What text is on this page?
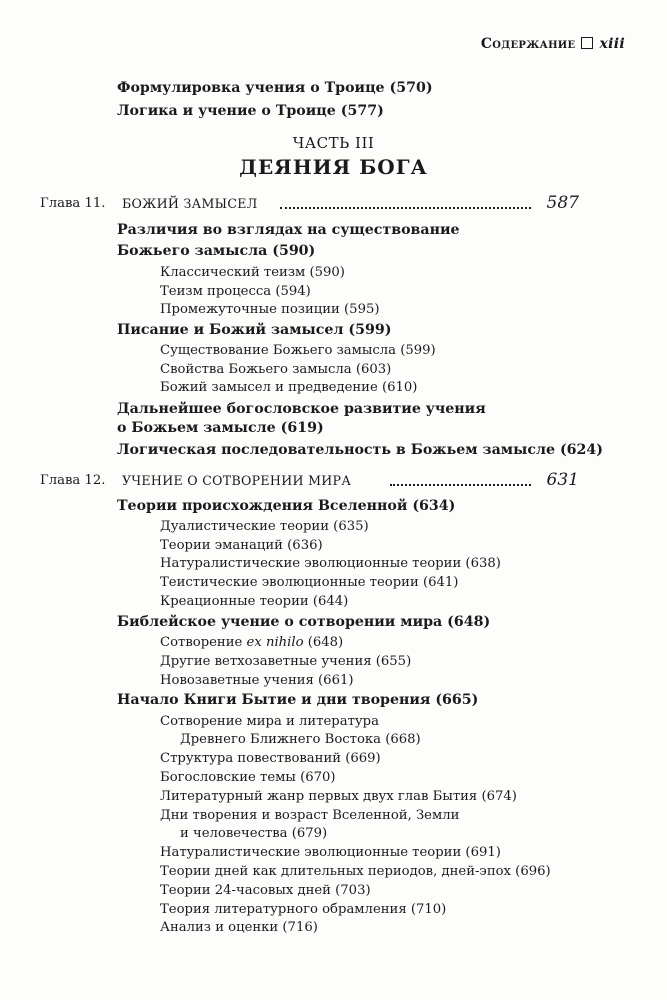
Содержание xiii
Формулировка учения о Троице (570)
Логика и учение о Троице (577)
ЧАСТЬ III
ДЕЯНИЯ БОГА
Глава 11. БОЖИЙ ЗАМЫСЕЛ	587
Различия во взглядах на существование
Божьего замысла (590)
Классический теизм (590)
Теизм процесса (594)
Промежуточные позиции (595)
Писание и Божий замысел (599)
Существование Божьего замысла (599)
Свойства Божьего замысла (603)
Божий замысел и предведение (610)
Дальнейшее богословское развитие учения
о Божьем замысле (619)
Логическая последовательность в Божьем замысле (624)
Глава 12. УЧЕНИЕ О СОТВОРЕНИИ МИРА	631
Теории происхождения Вселенной (634)
Дуалистические теории (635)
Теории эманаций (636)
Натуралистические эволюционные теории (638)
Теистические эволюционные теории (641)
Креационные теории (644)
Библейское учение о сотворении мира (648)
Сотворение ex nihilo (648)
Другие ветхозаветные учения (655)
Новозаветные учения (661)
Начало Книги Бытие и дни творения (665)
Сотворение мира и литература
Древнего Ближнего Востока (668)
Структура повествований (669)
Богословские темы (670)
Литературный жанр первых двух глав Бытия (674)
Дни творения и возраст Вселенной, Земли
и человечества (679)
Натуралистические эволюционные теории (691)
Теории дней как длительных периодов, дней-эпох (696)
Теории 24-часовых дней (703)
Теория литературного обрамления (710)
Анализ и оценки (716)
